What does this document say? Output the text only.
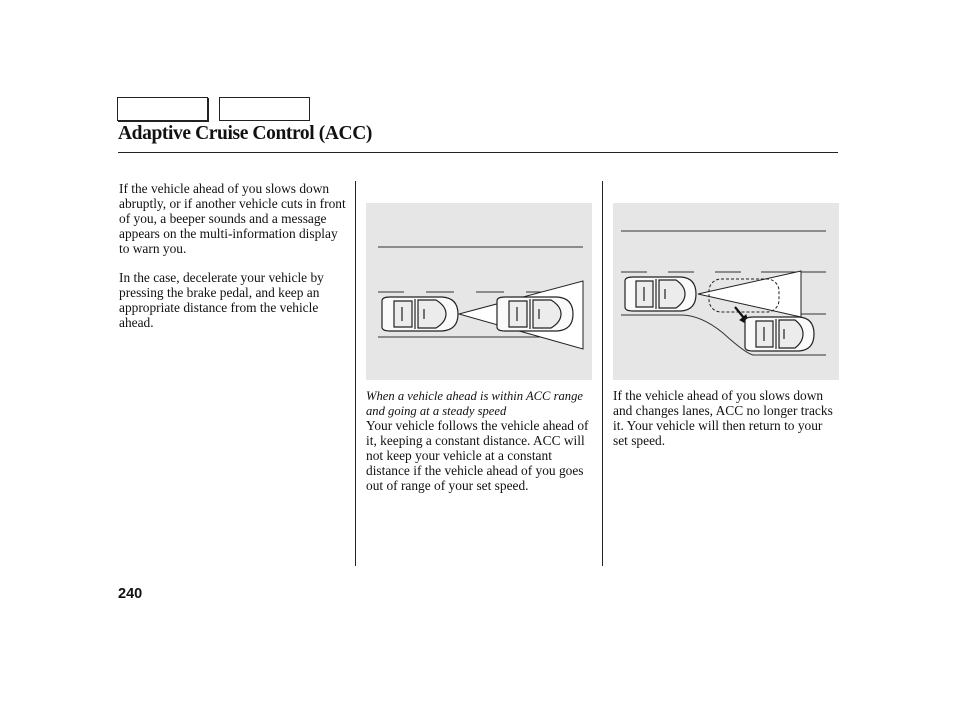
Adaptive Cruise Control (ACC)

If the vehicle ahead of you slows down abruptly, or if another vehicle cuts in front of you, a beeper sounds and a message appears on the multi-information display to warn you.

In the case, decelerate your vehicle by pressing the brake pedal, and keep an appropriate distance from the vehicle ahead.

When a vehicle ahead is within ACC range and going at a steady speed

Your vehicle follows the vehicle ahead of it, keeping a constant distance. ACC will not keep your vehicle at a constant distance if the vehicle ahead of you goes out of range of your set speed.

If the vehicle ahead of you slows down and changes lanes, ACC no longer tracks it. Your vehicle will then return to your set speed.

240
